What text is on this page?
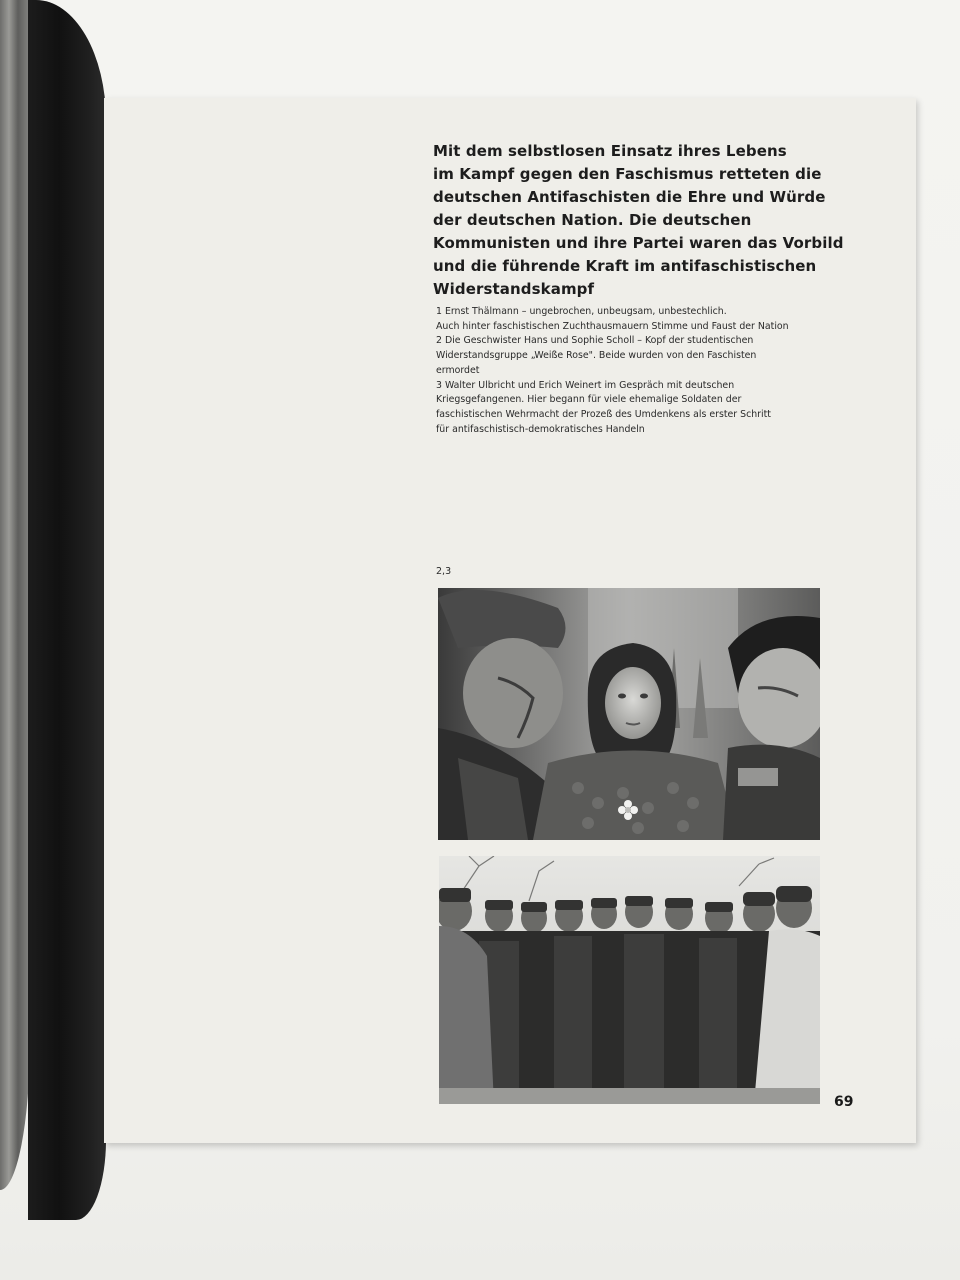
Mit dem selbstlosen Einsatz ihres Lebens
im Kampf gegen den Faschismus retteten die
deutschen Antifaschisten die Ehre und Würde
der deutschen Nation. Die deutschen
Kommunisten und ihre Partei waren das Vorbild
und die führende Kraft im antifaschistischen
Widerstandskampf
1 Ernst Thälmann – ungebrochen, unbeugsam, unbestechlich.
Auch hinter faschistischen Zuchthausmauern Stimme und Faust der Nation
2 Die Geschwister Hans und Sophie Scholl – Kopf der studentischen
Widerstandsgruppe „Weiße Rose". Beide wurden von den Faschisten
ermordet
3 Walter Ulbricht und Erich Weinert im Gespräch mit deutschen
Kriegsgefangenen. Hier begann für viele ehemalige Soldaten der
faschistischen Wehrmacht der Prozeß des Umdenkens als erster Schritt
für antifaschistisch-demokratisches Handeln
2,3
69
